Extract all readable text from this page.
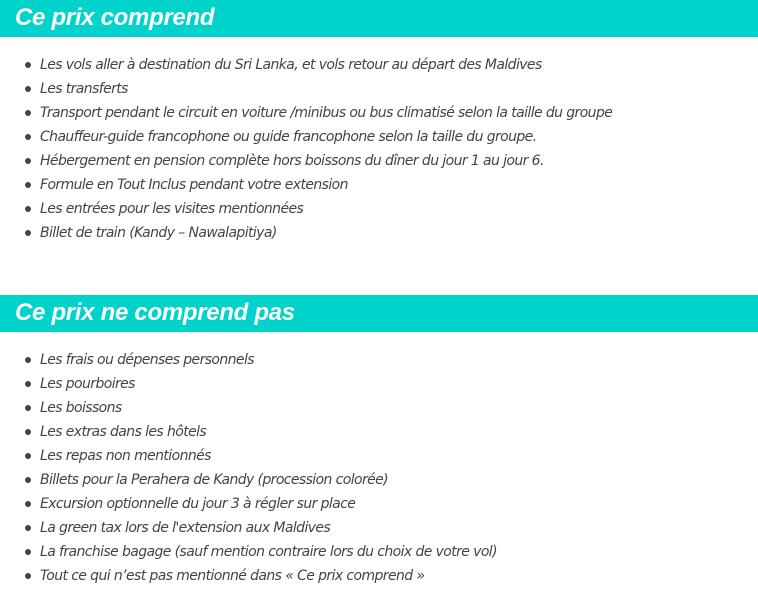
Ce prix comprend
Les vols aller à destination du Sri Lanka, et vols retour au départ des Maldives
Les transferts
Transport pendant le circuit en voiture /minibus ou bus climatisé selon la taille du groupe
Chauffeur-guide francophone ou guide francophone selon la taille du groupe.
Hébergement en pension complète hors boissons du dîner du jour 1 au jour 6.
Formule en Tout Inclus pendant votre extension
Les entrées pour les visites mentionnées
Billet de train (Kandy – Nawalapitiya)
Ce prix ne comprend pas
Les frais ou dépenses personnels
Les pourboires
Les boissons
Les extras dans les hôtels
Les repas non mentionnés
Billets pour la Perahera de Kandy (procession colorée)
Excursion optionnelle du jour 3 à régler sur place
La green tax lors de l'extension aux Maldives
La franchise bagage (sauf mention contraire lors du choix de votre vol)
Tout ce qui n’est pas mentionné dans « Ce prix comprend »
